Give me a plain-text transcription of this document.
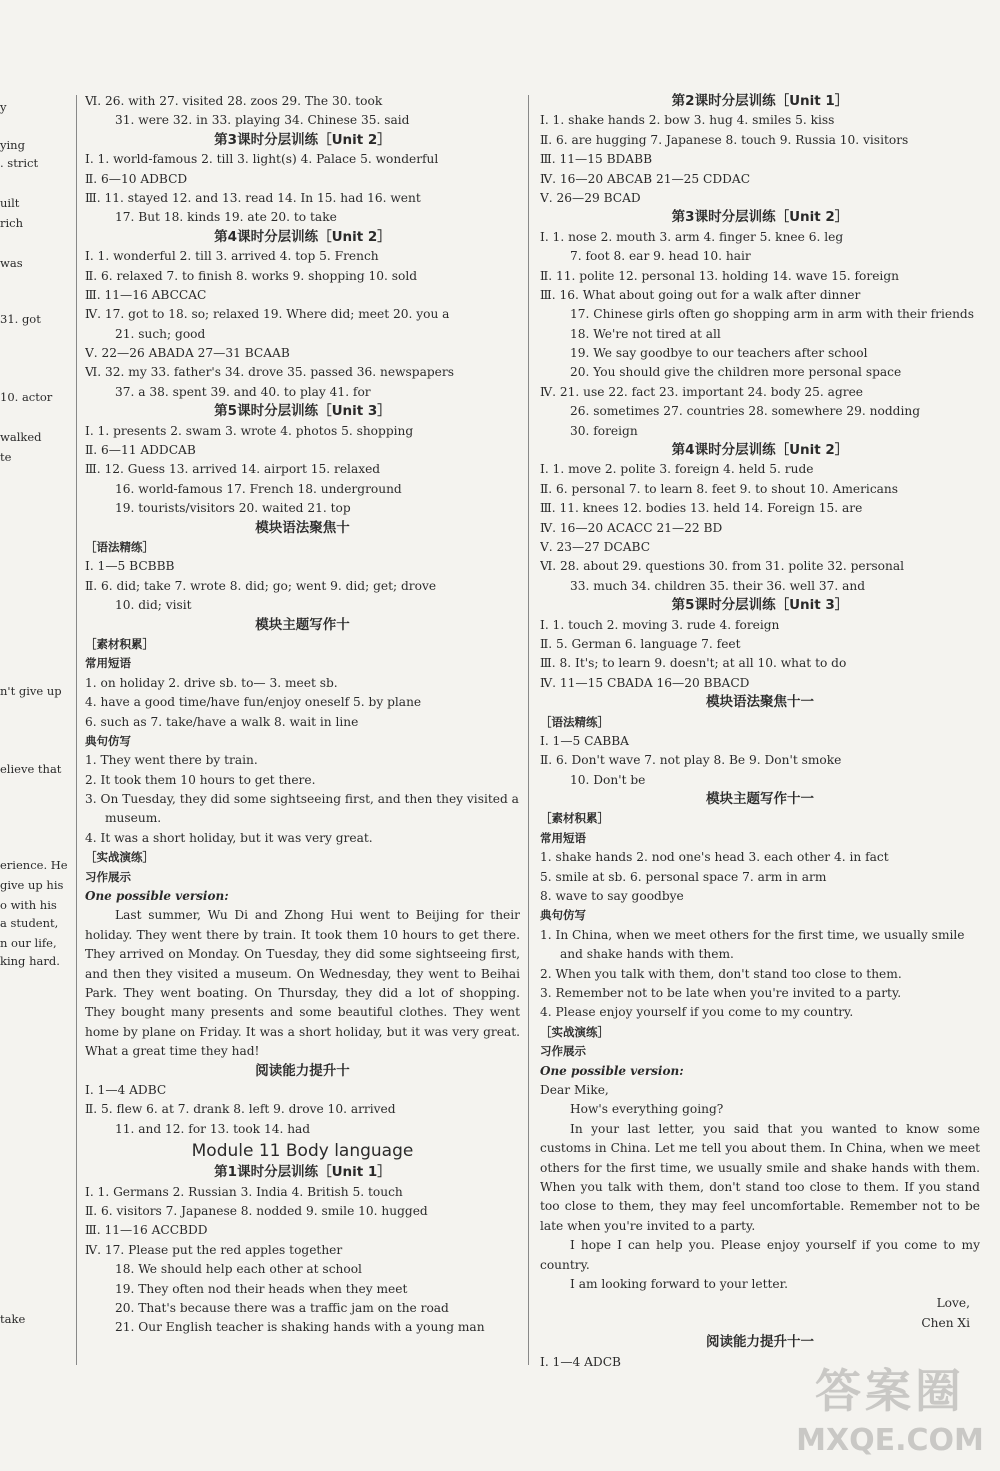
y
ying
. strict
uilt
rich
was
31. got
10. actor
walked
te
n't give up
elieve that
erience. He
give up his
o with his
a student,
n our life,
king hard.
take
Ⅵ. 26. with 27. visited 28. zoos 29. The 30. took
31. were 32. in 33. playing 34. Chinese 35. said
第3课时分层训练［Unit 2］
Ⅰ. 1. world-famous 2. till 3. light(s) 4. Palace 5. wonderful
Ⅱ. 6—10 ADBCD
Ⅲ. 11. stayed 12. and 13. read 14. In 15. had 16. went
17. But 18. kinds 19. ate 20. to take
第4课时分层训练［Unit 2］
Ⅰ. 1. wonderful 2. till 3. arrived 4. top 5. French
Ⅱ. 6. relaxed 7. to finish 8. works 9. shopping 10. sold
Ⅲ. 11—16 ABCCAC
Ⅳ. 17. got to 18. so; relaxed 19. Where did; meet 20. you a
21. such; good
Ⅴ. 22—26 ABADA 27—31 BCAAB
Ⅵ. 32. my 33. father's 34. drove 35. passed 36. newspapers
37. a 38. spent 39. and 40. to play 41. for
第5课时分层训练［Unit 3］
Ⅰ. 1. presents 2. swam 3. wrote 4. photos 5. shopping
Ⅱ. 6—11 ADDCAB
Ⅲ. 12. Guess 13. arrived 14. airport 15. relaxed
16. world-famous 17. French 18. underground
19. tourists/visitors 20. waited 21. top
模块语法聚焦十
［语法精练］
Ⅰ. 1—5 BCBBB
Ⅱ. 6. did; take 7. wrote 8. did; go; went 9. did; get; drove
10. did; visit
模块主题写作十
［素材积累］
常用短语
1. on holiday 2. drive sb. to— 3. meet sb.
4. have a good time/have fun/enjoy oneself 5. by plane
6. such as 7. take/have a walk 8. wait in line
典句仿写
1. They went there by train.
2. It took them 10 hours to get there.
3. On Tuesday, they did some sightseeing first, and then they visited a
museum.
4. It was a short holiday, but it was very great.
［实战演练］
习作展示
One possible version:
Last summer, Wu Di and Zhong Hui went to Beijing for their holiday. They went there by train. It took them 10 hours to get there. They arrived on Monday. On Tuesday, they did some sightseeing first, and then they visited a museum. On Wednesday, they went to Beihai Park. They went boating. On Thursday, they did a lot of shopping. They bought many presents and some beautiful clothes. They went home by plane on Friday. It was a short holiday, but it was very great. What a great time they had!
阅读能力提升十
Ⅰ. 1—4 ADBC
Ⅱ. 5. flew 6. at 7. drank 8. left 9. drove 10. arrived
11. and 12. for 13. took 14. had
Module 11 Body language
第1课时分层训练［Unit 1］
Ⅰ. 1. Germans 2. Russian 3. India 4. British 5. touch
Ⅱ. 6. visitors 7. Japanese 8. nodded 9. smile 10. hugged
Ⅲ. 11—16 ACCBDD
Ⅳ. 17. Please put the red apples together
18. We should help each other at school
19. They often nod their heads when they meet
20. That's because there was a traffic jam on the road
21. Our English teacher is shaking hands with a young man
第2课时分层训练［Unit 1］
Ⅰ. 1. shake hands 2. bow 3. hug 4. smiles 5. kiss
Ⅱ. 6. are hugging 7. Japanese 8. touch 9. Russia 10. visitors
Ⅲ. 11—15 BDABB
Ⅳ. 16—20 ABCAB 21—25 CDDAC
Ⅴ. 26—29 BCAD
第3课时分层训练［Unit 2］
Ⅰ. 1. nose 2. mouth 3. arm 4. finger 5. knee 6. leg
7. foot 8. ear 9. head 10. hair
Ⅱ. 11. polite 12. personal 13. holding 14. wave 15. foreign
Ⅲ. 16. What about going out for a walk after dinner
17. Chinese girls often go shopping arm in arm with their friends
18. We're not tired at all
19. We say goodbye to our teachers after school
20. You should give the children more personal space
Ⅳ. 21. use 22. fact 23. important 24. body 25. agree
26. sometimes 27. countries 28. somewhere 29. nodding
30. foreign
第4课时分层训练［Unit 2］
Ⅰ. 1. move 2. polite 3. foreign 4. held 5. rude
Ⅱ. 6. personal 7. to learn 8. feet 9. to shout 10. Americans
Ⅲ. 11. knees 12. bodies 13. held 14. Foreign 15. are
Ⅳ. 16—20 ACACC 21—22 BD
Ⅴ. 23—27 DCABC
Ⅵ. 28. about 29. questions 30. from 31. polite 32. personal
33. much 34. children 35. their 36. well 37. and
第5课时分层训练［Unit 3］
Ⅰ. 1. touch 2. moving 3. rude 4. foreign
Ⅱ. 5. German 6. language 7. feet
Ⅲ. 8. It's; to learn 9. doesn't; at all 10. what to do
Ⅳ. 11—15 CBADA 16—20 BBACD
模块语法聚焦十一
［语法精练］
Ⅰ. 1—5 CABBA
Ⅱ. 6. Don't wave 7. not play 8. Be 9. Don't smoke
10. Don't be
模块主题写作十一
［素材积累］
常用短语
1. shake hands 2. nod one's head 3. each other 4. in fact
5. smile at sb. 6. personal space 7. arm in arm
8. wave to say goodbye
典句仿写
1. In China, when we meet others for the first time, we usually smile
and shake hands with them.
2. When you talk with them, don't stand too close to them.
3. Remember not to be late when you're invited to a party.
4. Please enjoy yourself if you come to my country.
［实战演练］
习作展示
One possible version:
Dear Mike,
How's everything going?
In your last letter, you said that you wanted to know some customs in China. Let me tell you about them. In China, when we meet others for the first time, we usually smile and shake hands with them. When you talk with them, don't stand too close to them. If you stand too close to them, they may feel uncomfortable. Remember not to be late when you're invited to a party.
I hope I can help you. Please enjoy yourself if you come to my country.
I am looking forward to your letter.
Love,
Chen Xi
阅读能力提升十一
Ⅰ. 1—4 ADCB
答案圈
MXQE.COM
